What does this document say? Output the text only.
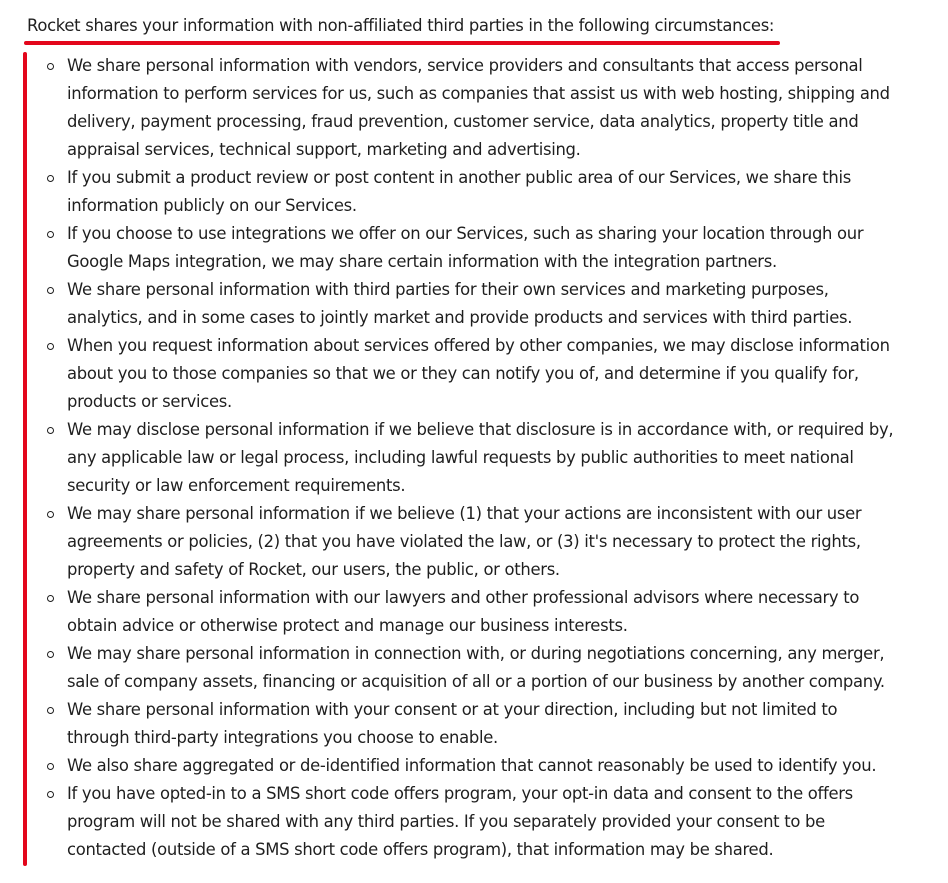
Rocket shares your information with non-affiliated third parties in the following circumstances:

We share personal information with vendors, service providers and consultants that access personal information to perform services for us, such as companies that assist us with web hosting, shipping and delivery, payment processing, fraud prevention, customer service, data analytics, property title and appraisal services, technical support, marketing and advertising.
If you submit a product review or post content in another public area of our Services, we share this information publicly on our Services.
If you choose to use integrations we offer on our Services, such as sharing your location through our Google Maps integration, we may share certain information with the integration partners.
We share personal information with third parties for their own services and marketing purposes, analytics, and in some cases to jointly market and provide products and services with third parties.
When you request information about services offered by other companies, we may disclose information about you to those companies so that we or they can notify you of, and determine if you qualify for, products or services.
We may disclose personal information if we believe that disclosure is in accordance with, or required by, any applicable law or legal process, including lawful requests by public authorities to meet national security or law enforcement requirements.
We may share personal information if we believe (1) that your actions are inconsistent with our user agreements or policies, (2) that you have violated the law, or (3) it's necessary to protect the rights, property and safety of Rocket, our users, the public, or others.
We share personal information with our lawyers and other professional advisors where necessary to obtain advice or otherwise protect and manage our business interests.
We may share personal information in connection with, or during negotiations concerning, any merger, sale of company assets, financing or acquisition of all or a portion of our business by another company.
We share personal information with your consent or at your direction, including but not limited to through third-party integrations you choose to enable.
We also share aggregated or de-identified information that cannot reasonably be used to identify you.
If you have opted-in to a SMS short code offers program, your opt-in data and consent to the offers program will not be shared with any third parties. If you separately provided your consent to be contacted (outside of a SMS short code offers program), that information may be shared.
